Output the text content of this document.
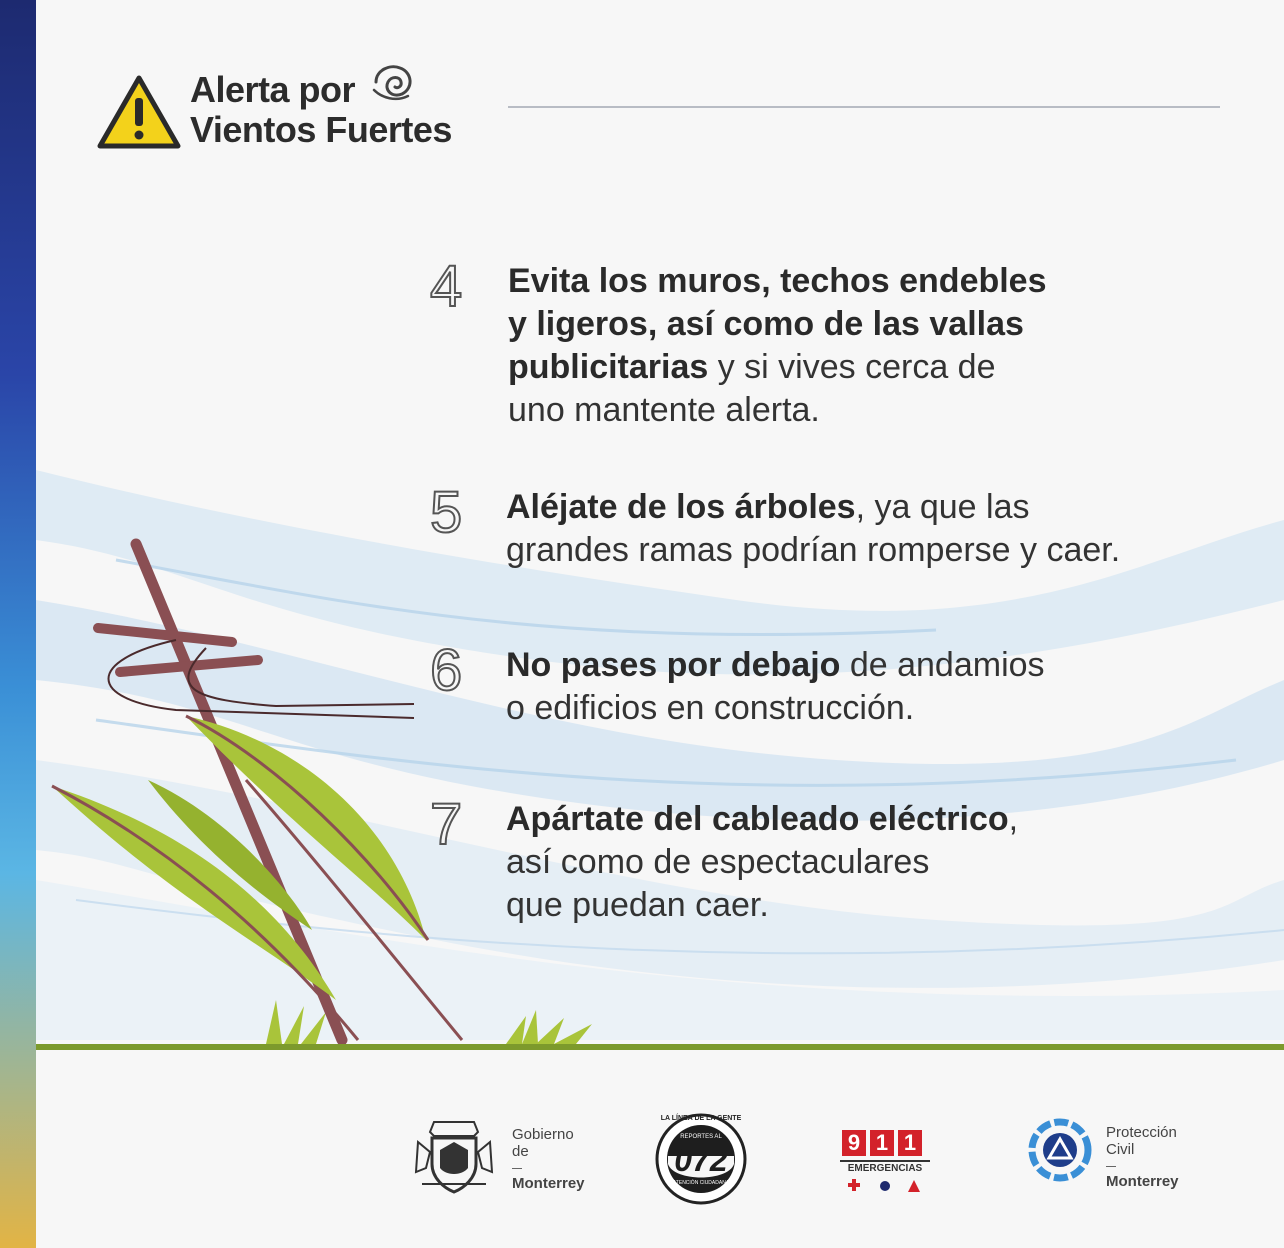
Alerta por
Vientos Fuertes
4 Evita los muros, techos endebles
y ligeros, así como de las vallas
publicitarias y si vives cerca de
uno mantente alerta.
5 Aléjate de los árboles, ya que las
grandes ramas podrían romperse y caer.
6 No pases por debajo de andamios
o edificios en construcción.
7 Apártate del cableado eléctrico,
así como de espectaculares
que puedan caer.
Gobierno
de
Monterrey
LA LÍNEA DE LA GENTE
REPORTES AL
072
ATENCIÓN CIUDADANA
9 1 1
EMERGENCIAS
Protección
Civil
Monterrey
